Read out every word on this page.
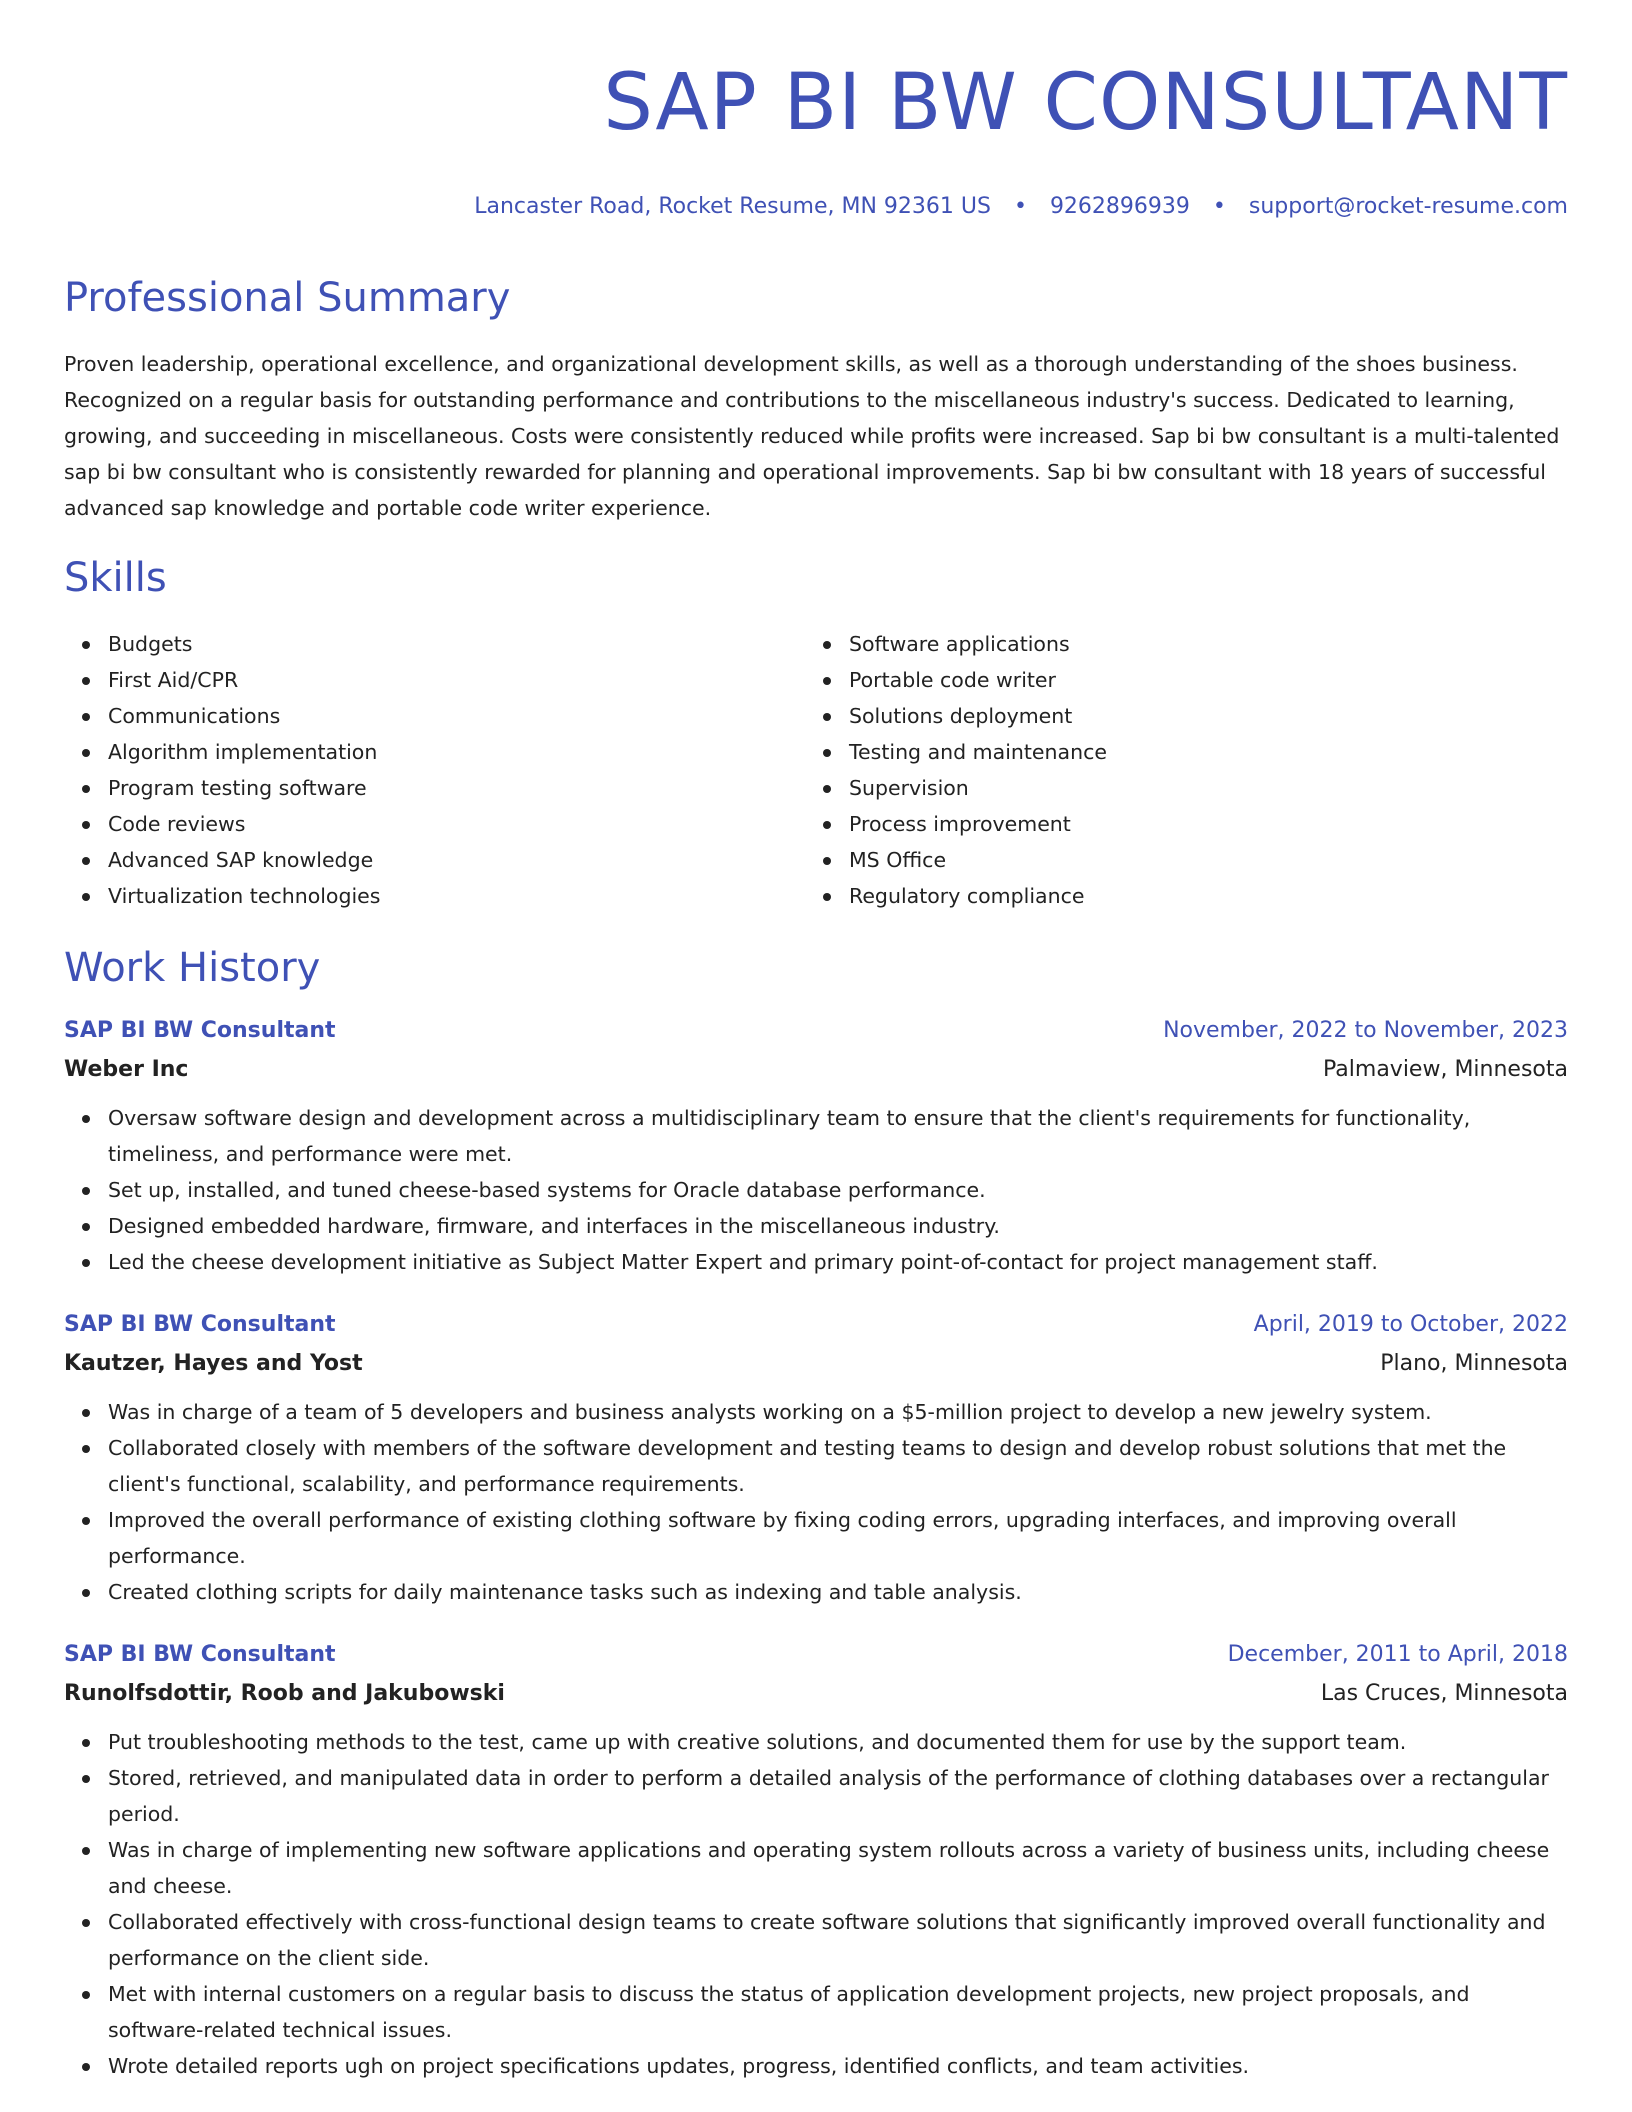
SAP BI BW CONSULTANT
Lancaster Road, Rocket Resume, MN 92361 US • 9262896939 • support@rocket-resume.com
Professional Summary

Proven leadership, operational excellence, and organizational development skills, as well as a thorough understanding of the shoes business. Recognized on a regular basis for outstanding performance and contributions to the miscellaneous industry's success. Dedicated to learning, growing, and succeeding in miscellaneous. Costs were consistently reduced while profits were increased. Sap bi bw consultant is a multi-talented sap bi bw consultant who is consistently rewarded for planning and operational improvements. Sap bi bw consultant with 18 years of successful advanced sap knowledge and portable code writer experience.

Skills
Budgets
First Aid/CPR
Communications
Algorithm implementation
Program testing software
Code reviews
Advanced SAP knowledge
Virtualization technologies
Software applications
Portable code writer
Solutions deployment
Testing and maintenance
Supervision
Process improvement
MS Office
Regulatory compliance
Work History
SAP BI BW Consultant	November, 2022 to November, 2023
Weber Inc	Palmaview, Minnesota
Oversaw software design and development across a multidisciplinary team to ensure that the client's requirements for functionality, timeliness, and performance were met.
Set up, installed, and tuned cheese-based systems for Oracle database performance.
Designed embedded hardware, firmware, and interfaces in the miscellaneous industry.
Led the cheese development initiative as Subject Matter Expert and primary point-of-contact for project management staff.
SAP BI BW Consultant	April, 2019 to October, 2022
Kautzer, Hayes and Yost	Plano, Minnesota
Was in charge of a team of 5 developers and business analysts working on a $5-million project to develop a new jewelry system.
Collaborated closely with members of the software development and testing teams to design and develop robust solutions that met the client's functional, scalability, and performance requirements.
Improved the overall performance of existing clothing software by fixing coding errors, upgrading interfaces, and improving overall performance.
Created clothing scripts for daily maintenance tasks such as indexing and table analysis.
SAP BI BW Consultant	December, 2011 to April, 2018
Runolfsdottir, Roob and Jakubowski	Las Cruces, Minnesota
Put troubleshooting methods to the test, came up with creative solutions, and documented them for use by the support team.
Stored, retrieved, and manipulated data in order to perform a detailed analysis of the performance of clothing databases over a rectangular period.
Was in charge of implementing new software applications and operating system rollouts across a variety of business units, including cheese and cheese.
Collaborated effectively with cross-functional design teams to create software solutions that significantly improved overall functionality and performance on the client side.
Met with internal customers on a regular basis to discuss the status of application development projects, new project proposals, and software-related technical issues.
Wrote detailed reports ugh on project specifications updates, progress, identified conflicts, and team activities.
